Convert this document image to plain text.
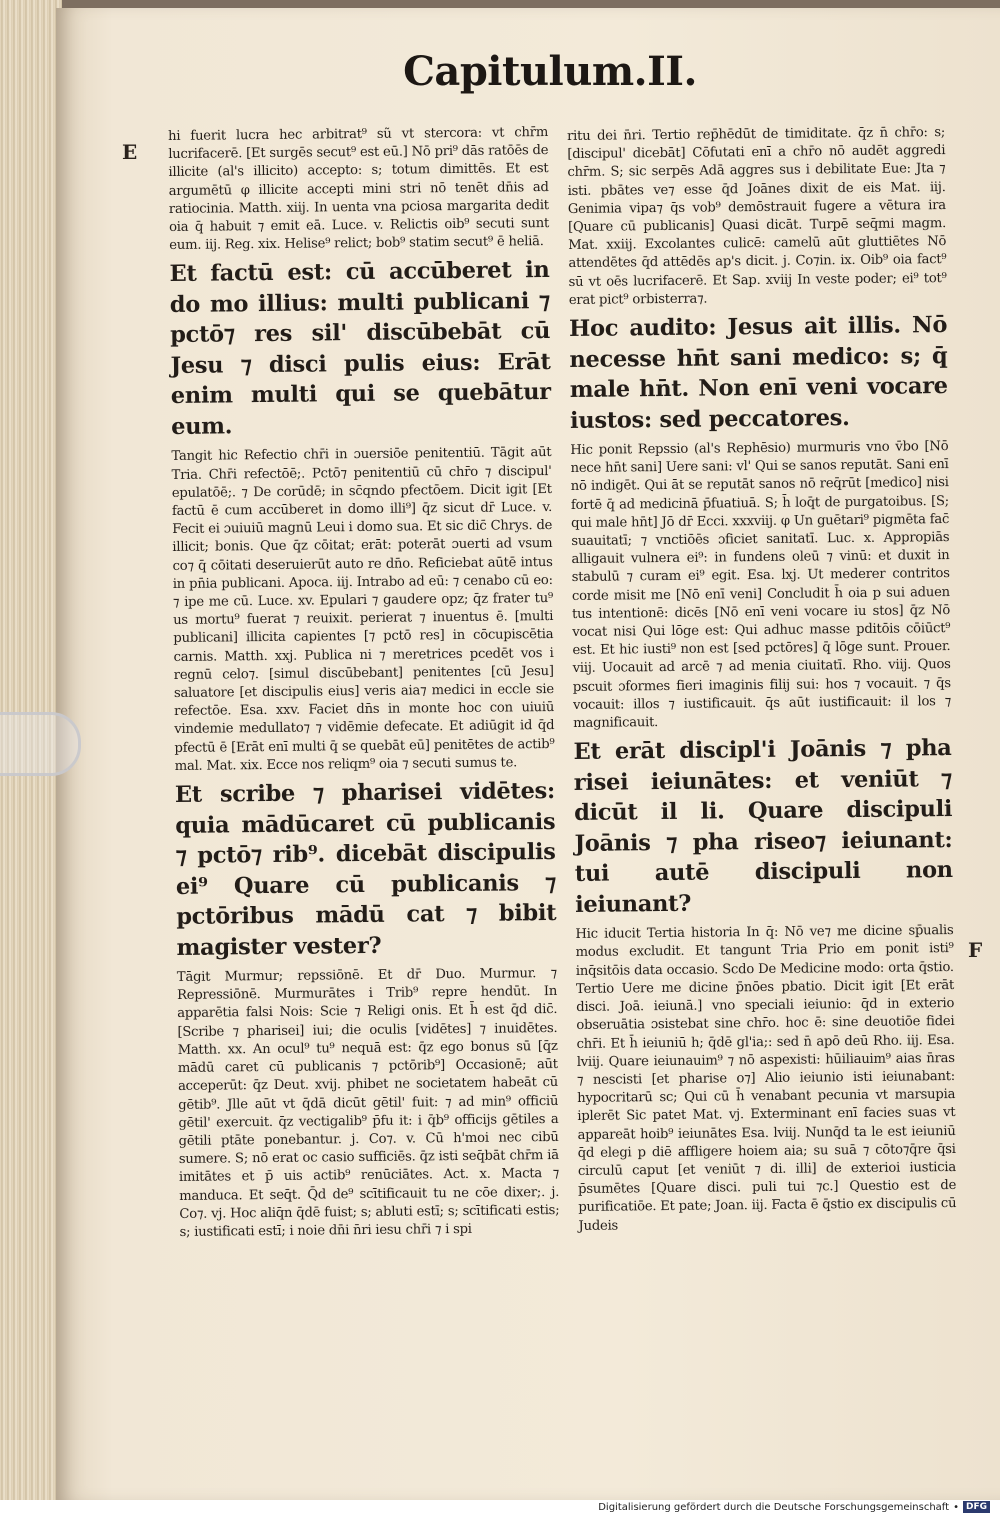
Capitulum.II.
E
F

hi fuerit lucra hec arbitrat⁹ sũ vt stercora: vt chr̄m lucrifacerē. [Et surgēs secut⁹ est eū.] Nō pri⁹ dās ratōēs de illicite (al's illicito) accepto: s; totum dimittēs. Et est argumētū φ illicite accepti mini stri nō tenēt dn̄is ad ratiocinia. Matth. xiij. In uenta vna pciosa margarita dedit oia q̄ habuit ⁊ emit eā. Luce. v. Relictis oib⁹ secuti sunt eum. iij. Reg. xix. Helise⁹ relict; bob⁹ statim secut⁹ ē heliā.

Et factū est: cū accūberet in do mo illius: multi publicani ⁊ pctō⁊ res sil' discūbebāt cū Jesu ⁊ disci pulis eius: Erāt enim multi qui se quebātur eum.

Tangit hic Refectio chr̄i in ɔuersiōe penitentiū. Tāgit aūt Tria. Chr̄i refectōē;. Pctō⁊ penitentiū cū chr̄o ⁊ discipul' epulatōē;. ⁊ De corūdē; in sc̄qndo pfectōem. Dicit igit [Et factū ē cum accūberet in domo illi⁹] q̄z sicut dr̄ Luce. v. Fecit ei ɔuiuiū magnū Leui i domo sua. Et sic dic̄ Chrys. de illicit; bonis. Que q̄z cōitat; erāt: poterāt ɔuerti ad vsum co⁊ q̄ cōitati deseruierūt auto re dn̄o. Reficiebat aūtē intus in pn̄ia publicani. Apoca. iij. Intrabo ad eū: ⁊ cenabo cū eo: ⁊ ipe me cū. Luce. xv. Epulari ⁊ gaudere opz; q̄z frater tu⁹ us mortu⁹ fuerat ⁊ reuixit. perierat ⁊ inuentus ē. [multi publicani] illicita capientes [⁊ pctō res] in cōcupiscētia carnis. Matth. xxj. Publica ni ⁊ meretrices pcedēt vos i regnū celo⁊. [simul discūbebant] penitentes [cū Jesu] saluatore [et discipulis eius] veris aia⁊ medici in eccle sie refectōe. Esa. xxv. Faciet dn̄s in monte hoc con uiuiū vindemie medullato⁊ ⁊ vidēmie defecate. Et adiūgit id q̄d pfectū ē [Erāt enī multi q̄ se quebāt eū] penitētes de actib⁹ mal. Mat. xix. Ecce nos reliqm⁹ oia ⁊ secuti sumus te.

Et scribe ⁊ pharisei vidētes: quia mādūcaret cū publicanis ⁊ pctō⁊ rib⁹. dicebāt discipulis ei⁹ Quare cū publicanis ⁊ pctōribus mādū cat ⁊ bibit magister vester?

Tāgit Murmur; repssiōnē. Et dr̄ Duo. Murmur. ⁊ Repressiōnē. Murmurātes i Trib⁹ repre hendūt. In apparētia falsi Nois: Scie ⁊ Religi onis. Et h̄ est q̄d dic̄. [Scribe ⁊ pharisei] iui; die oculis [vidētes] ⁊ inuidētes. Matth. xx. An ocul⁹ tu⁹ nequā est: q̄z ego bonus sū [q̄z mādū caret cū publicanis ⁊ pctōrib⁹] Occasionē; aūt acceperūt: q̄z Deut. xvij. phibet ne societatem habeāt cū gētib⁹. Jlle aūt vt q̄dā dicūt gētil' fuit: ⁊ ad min⁹ officiū gētil' exercuit. q̄z vectigalib⁹ p̄fu it: i q̄b⁹ officijs gētiles a gētili ptāte ponebantur. j. Co⁊. v. Cū h'moi nec cibū sumere. S; nō erat oc casio sufficiēs. q̄z isti seq̄bāt chr̄m iā imitātes et p̄ uis actib⁹ renūciātes. Act. x. Macta ⁊ manduca. Et seq̄t. Q̄d de⁹ scītificauit tu ne cōe dixer;. j. Co⁊. vj. Hoc aliq̄n q̄dē fuist; s; abluti estī; s; scītificati estis; s; iustificati estī; i noie dn̄i n̄ri iesu chr̄i ⁊ i spi

ritu dei n̄ri. Tertio rep̄hēdūt de timiditate. q̄z n̄ chr̄o: s; [discipul' dicebāt] Cōfutati enī a chr̄o nō audēt aggredi chr̄m. S; sic serpēs Adā aggres sus i debilitate Eue: Jta ⁊ isti. pbātes ve⁊ esse q̄d Joānes dixit de eis Mat. iij. Genimia vipa⁊ q̄s vob⁹ demōstrauit fugere a vētura ira [Quare cū publicanis] Quasi dicāt. Turpē seq̄mi magm. Mat. xxiij. Excolantes culicē: camelū aūt gluttiētes Nō attendētes q̄d attēdēs ap's dicit. j. Co⁊in. ix. Oib⁹ oia fact⁹ sū vt oēs lucrifacerē. Et Sap. xviij In veste poder; ei⁹ tot⁹ erat pict⁹ orbisterra⁊.

Hoc audito: Jesus ait illis. Nō necesse hn̄t sani medico: s; q̄ male hn̄t. Non enī veni vocare iustos: sed peccatores.

Hic ponit Repssio (al's Rephēsio) murmuris vno v̄bo [Nō nece hn̄t sani] Uere sani: vl' Qui se sanos reputāt. Sani enī nō indigēt. Qui āt se reputāt sanos nō req̄rūt [medico] nisi fortē q̄ ad medicinā p̄fuatiuā. S; h̄ loq̄t de purgatoibus. [S; qui male hn̄t] Jō dr̄ Ecci. xxxviij. φ Un guētari⁹ pigmēta fac̄ suauitatī; ⁊ vnctiōēs ɔficiet sanitatī. Luc. x. Appropiās alligauit vulnera ei⁹: in fundens oleū ⁊ vinū: et duxit in stabulū ⁊ curam ei⁹ egit. Esa. lxj. Ut mederer contritos corde misit me [Nō enī veni] Concludit h̄ oia p sui aduen tus intentionē: dicēs [Nō enī veni vocare iu stos] q̄z Nō vocat nisi Qui lōge est: Qui adhuc masse pditōis cōiūct⁹ est. Et hic iusti⁹ non est [sed pctōres] q̄ lōge sunt. Prouer. viij. Uocauit ad arcē ⁊ ad menia ciuitatī. Rho. viij. Quos pscuit ɔformes fieri imaginis filij sui: hos ⁊ vocauit. ⁊ q̄s vocauit: illos ⁊ iustificauit. q̄s aūt iustificauit: il los ⁊ magnificauit.

Et erāt discipl'i Joānis ⁊ pha risei ieiunātes: et veniūt ⁊ dicūt il li. Quare discipuli Joānis ⁊ pha riseo⁊ ieiunant: tui autē discipuli non ieiunant?

Hic iducit Tertia historia In q̄: Nō ve⁊ me dicine sp̄ualis modus excludit. Et tangunt Tria Prio em ponit isti⁹ inq̄sitōis data occasio. Scdo De Medicine modo: orta q̄stio. Tertio Uere me dicine p̄nōes pbatio. Dicit igit [Et erāt disci. Joā. ieiunā.] vno speciali ieiunio: q̄d in exterio obseruātia ɔsistebat sine chr̄o. hoc ē: sine deuotiōe fidei chr̄i. Et h̄ ieiuniū h; q̄dē gl'ia;: sed n̄ apō deū Rho. iij. Esa. lviij. Quare ieiunauim⁹ ⁊ nō aspexisti: hūiliauim⁹ aias n̄ras ⁊ nescisti [et pharise o⁊] Alio ieiunio isti ieiunabant: hypocritarū sc; Qui cū h̄ venabant pecunia vt marsupia iplerēt Sic patet Mat. vj. Exterminant enī facies suas vt appareāt hoib⁹ ieiunātes Esa. lviij. Nunq̄d ta le est ieiuniū q̄d elegi p diē affligere hoiem aia; su suā ⁊ cōto⁊q̄re q̄si circulū caput [et veniūt ⁊ di. illi] de exterioi iusticia p̄sumētes [Quare disci. puli tui ⁊c.] Questio est de purificatiōe. Et pate; Joan. iij. Facta ē q̄stio ex discipulis cū Judeis

Digitalisierung gefördert durch die Deutsche Forschungsgemeinschaft • DFG
